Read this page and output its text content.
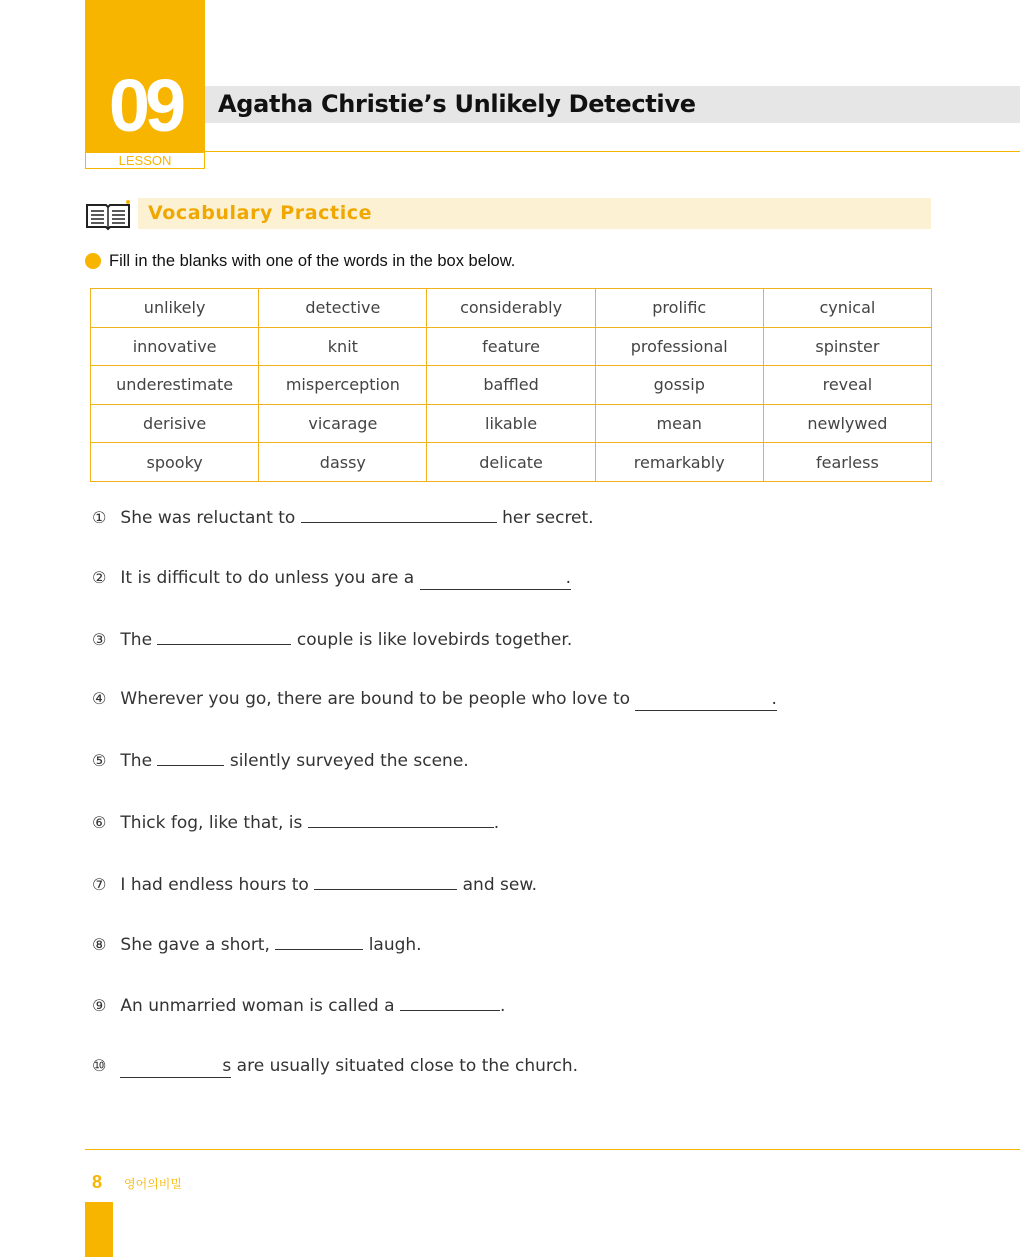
09
LESSON
Agatha Christie’s Unlikely Detective
Vocabulary Practice
Fill in the blanks with one of the words in the box below.
unlikely	detective	considerably	prolific	cynical
innovative	knit	feature	professional	spinster
underestimate	misperception	baffled	gossip	reveal
derisive	vicarage	likable	mean	newlywed
spooky	dassy	delicate	remarkably	fearless
① She was reluctant to	her secret.
② It is difficult to do unless you are a	.
③ The	couple is like lovebirds together.
④ Wherever you go, there are bound to be people who love to	.
⑤ The	silently surveyed the scene.
⑥ Thick fog, like that, is	.
⑦ I had endless hours to	and sew.
⑧ She gave a short,	laugh.
⑨ An unmarried woman is called a	.
⑩	s are usually situated close to the church.
8 영어의비밀
